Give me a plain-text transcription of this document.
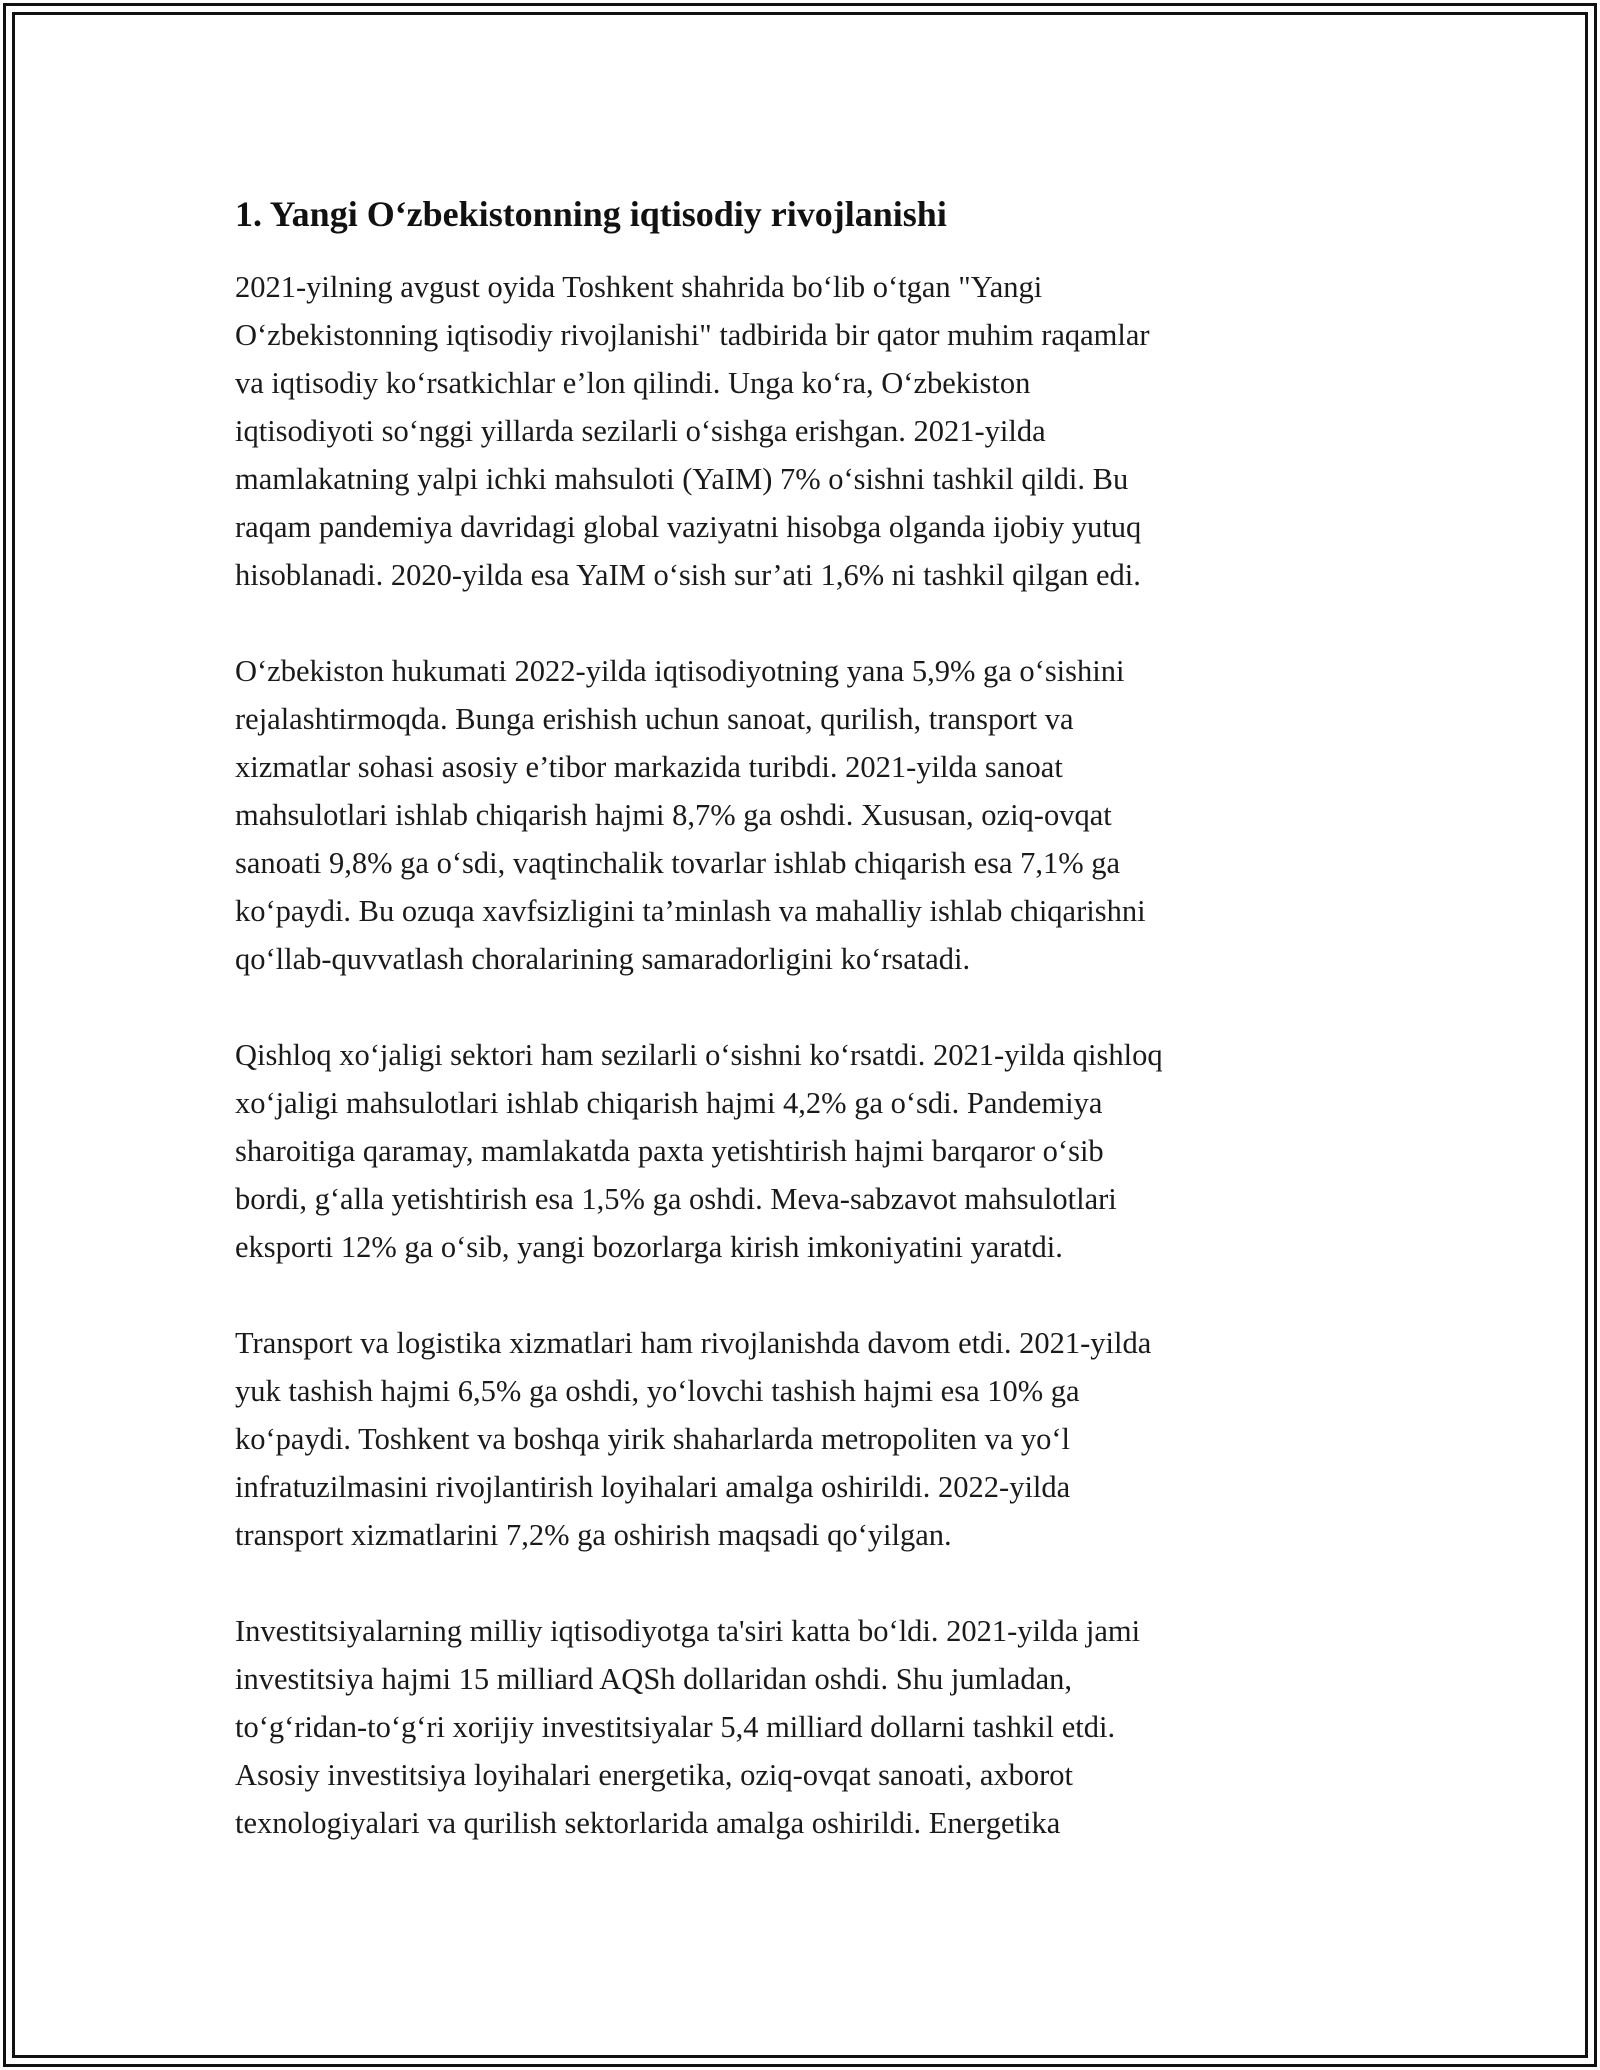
1. Yangi O‘zbekistonning iqtisodiy rivojlanishi

2021-yilning avgust oyida Toshkent shahrida bo‘lib o‘tgan "Yangi
O‘zbekistonning iqtisodiy rivojlanishi" tadbirida bir qator muhim raqamlar
va iqtisodiy ko‘rsatkichlar e’lon qilindi. Unga ko‘ra, O‘zbekiston
iqtisodiyoti so‘nggi yillarda sezilarli o‘sishga erishgan. 2021-yilda
mamlakatning yalpi ichki mahsuloti (YaIM) 7% o‘sishni tashkil qildi. Bu
raqam pandemiya davridagi global vaziyatni hisobga olganda ijobiy yutuq
hisoblanadi. 2020-yilda esa YaIM o‘sish sur’ati 1,6% ni tashkil qilgan edi.

O‘zbekiston hukumati 2022-yilda iqtisodiyotning yana 5,9% ga o‘sishini
rejalashtirmoqda. Bunga erishish uchun sanoat, qurilish, transport va
xizmatlar sohasi asosiy e’tibor markazida turibdi. 2021-yilda sanoat
mahsulotlari ishlab chiqarish hajmi 8,7% ga oshdi. Xususan, oziq-ovqat
sanoati 9,8% ga o‘sdi, vaqtinchalik tovarlar ishlab chiqarish esa 7,1% ga
ko‘paydi. Bu ozuqa xavfsizligini ta’minlash va mahalliy ishlab chiqarishni
qo‘llab-quvvatlash choralarining samaradorligini ko‘rsatadi.

Qishloq xo‘jaligi sektori ham sezilarli o‘sishni ko‘rsatdi. 2021-yilda qishloq
xo‘jaligi mahsulotlari ishlab chiqarish hajmi 4,2% ga o‘sdi. Pandemiya
sharoitiga qaramay, mamlakatda paxta yetishtirish hajmi barqaror o‘sib
bordi, g‘alla yetishtirish esa 1,5% ga oshdi. Meva-sabzavot mahsulotlari
eksporti 12% ga o‘sib, yangi bozorlarga kirish imkoniyatini yaratdi.

Transport va logistika xizmatlari ham rivojlanishda davom etdi. 2021-yilda
yuk tashish hajmi 6,5% ga oshdi, yo‘lovchi tashish hajmi esa 10% ga
ko‘paydi. Toshkent va boshqa yirik shaharlarda metropoliten va yo‘l
infratuzilmasini rivojlantirish loyihalari amalga oshirildi. 2022-yilda
transport xizmatlarini 7,2% ga oshirish maqsadi qo‘yilgan.

Investitsiyalarning milliy iqtisodiyotga ta'siri katta bo‘ldi. 2021-yilda jami
investitsiya hajmi 15 milliard AQSh dollaridan oshdi. Shu jumladan,
to‘g‘ridan-to‘g‘ri xorijiy investitsiyalar 5,4 milliard dollarni tashkil etdi.
Asosiy investitsiya loyihalari energetika, oziq-ovqat sanoati, axborot
texnologiyalari va qurilish sektorlarida amalga oshirildi. Energetika
